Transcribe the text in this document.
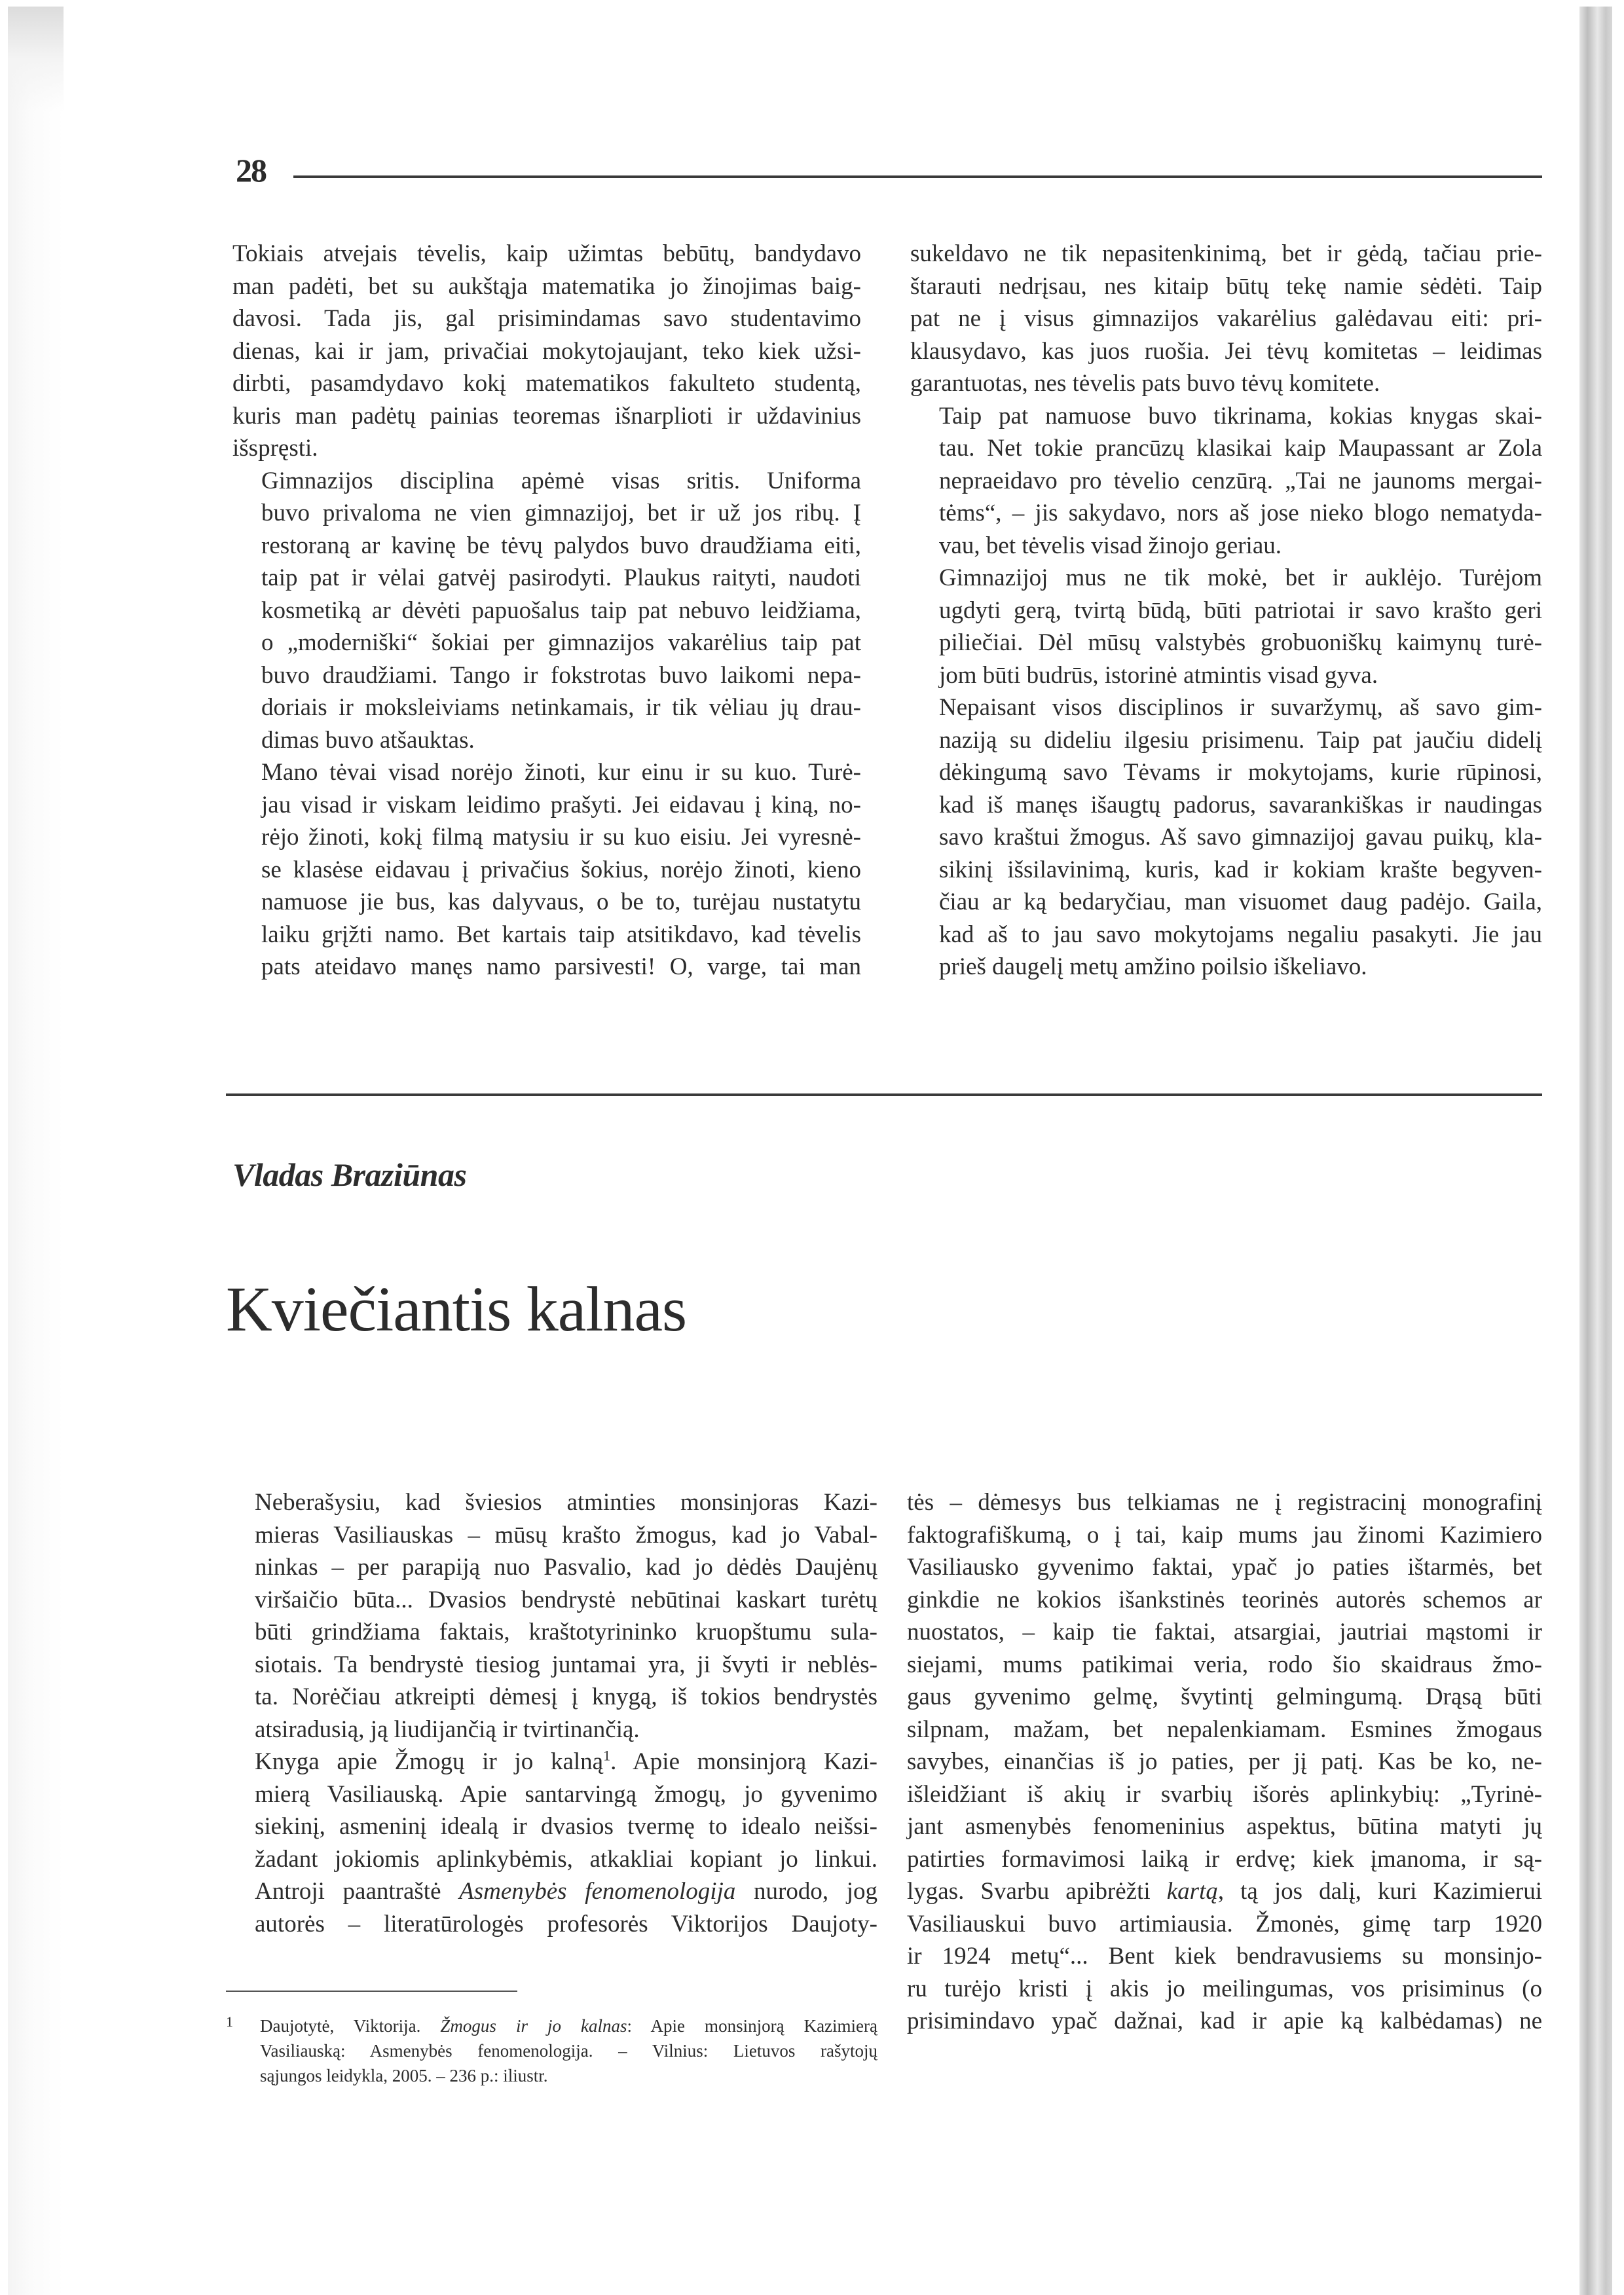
28

Tokiais atvejais tėvelis, kaip užimtas bebūtų, bandydavo
man padėti, bet su aukštąja matematika jo žinojimas baig-
davosi. Tada jis, gal prisimindamas savo studentavimo
dienas, kai ir jam, privačiai mokytojaujant, teko kiek užsi-
dirbti, pasamdydavo kokį matematikos fakulteto studentą,
kuris man padėtų painias teoremas išnarplioti ir uždavinius
išspręsti.

Gimnazijos disciplina apėmė visas sritis. Uniforma
buvo privaloma ne vien gimnazijoj, bet ir už jos ribų. Į
restoraną ar kavinę be tėvų palydos buvo draudžiama eiti,
taip pat ir vėlai gatvėj pasirodyti. Plaukus raityti, naudoti
kosmetiką ar dėvėti papuošalus taip pat nebuvo leidžiama,
o „moderniški“ šokiai per gimnazijos vakarėlius taip pat
buvo draudžiami. Tango ir fokstrotas buvo laikomi nepa-
doriais ir moksleiviams netinkamais, ir tik vėliau jų drau-
dimas buvo atšauktas.

Mano tėvai visad norėjo žinoti, kur einu ir su kuo. Turė-
jau visad ir viskam leidimo prašyti. Jei eidavau į kiną, no-
rėjo žinoti, kokį filmą matysiu ir su kuo eisiu. Jei vyresnė-
se klasėse eidavau į privačius šokius, norėjo žinoti, kieno
namuose jie bus, kas dalyvaus, o be to, turėjau nustatytu
laiku grįžti namo. Bet kartais taip atsitikdavo, kad tėvelis
pats ateidavo manęs namo parsivesti! O, varge, tai man

sukeldavo ne tik nepasitenkinimą, bet ir gėdą, tačiau prie-
štarauti nedrįsau, nes kitaip būtų tekę namie sėdėti. Taip
pat ne į visus gimnazijos vakarėlius galėdavau eiti: pri-
klausydavo, kas juos ruošia. Jei tėvų komitetas – leidimas
garantuotas, nes tėvelis pats buvo tėvų komitete.

Taip pat namuose buvo tikrinama, kokias knygas skai-
tau. Net tokie prancūzų klasikai kaip Maupassant ar Zola
nepraeidavo pro tėvelio cenzūrą. „Tai ne jaunoms mergai-
tėms“, – jis sakydavo, nors aš jose nieko blogo nematyda-
vau, bet tėvelis visad žinojo geriau.

Gimnazijoj mus ne tik mokė, bet ir auklėjo. Turėjom
ugdyti gerą, tvirtą būdą, būti patriotai ir savo krašto geri
piliečiai. Dėl mūsų valstybės grobuoniškų kaimynų turė-
jom būti budrūs, istorinė atmintis visad gyva.

Nepaisant visos disciplinos ir suvaržymų, aš savo gim-
naziją su dideliu ilgesiu prisimenu. Taip pat jaučiu didelį
dėkingumą savo Tėvams ir mokytojams, kurie rūpinosi,
kad iš manęs išaugtų padorus, savarankiškas ir naudingas
savo kraštui žmogus. Aš savo gimnazijoj gavau puikų, kla-
sikinį išsilavinimą, kuris, kad ir kokiam krašte begyven-
čiau ar ką bedaryčiau, man visuomet daug padėjo. Gaila,
kad aš to jau savo mokytojams negaliu pasakyti. Jie jau
prieš daugelį metų amžino poilsio iškeliavo.

Vladas Braziūnas
Kviečiantis kalnas

Neberašysiu, kad šviesios atminties monsinjoras Kazi-
mieras Vasiliauskas – mūsų krašto žmogus, kad jo Vabal-
ninkas – per parapiją nuo Pasvalio, kad jo dėdės Daujėnų
viršaičio būta... Dvasios bendrystė nebūtinai kaskart turėtų
būti grindžiama faktais, kraštotyrininko kruopštumu sula-
siotais. Ta bendrystė tiesiog juntamai yra, ji švyti ir neblės-
ta. Norėčiau atkreipti dėmesį į knygą, iš tokios bendrystės
atsiradusią, ją liudijančią ir tvirtinančią.

Knyga apie Žmogų ir jo kalną$^1$. Apie monsinjorą Kazi-
mierą Vasiliauską. Apie santarvingą žmogų, jo gyvenimo
siekinį, asmeninį idealą ir dvasios tvermę to idealo neišsi-
žadant jokiomis aplinkybėmis, atkakliai kopiant jo linkui.
Antroji paantraštė Asmenybės fenomenologija nurodo, jog
autorės – literatūrologės profesorės Viktorijos Daujoty-

tės – dėmesys bus telkiamas ne į registracinį monografinį
faktografiškumą, o į tai, kaip mums jau žinomi Kazimiero
Vasiliausko gyvenimo faktai, ypač jo paties ištarmės, bet
ginkdie ne kokios išankstinės teorinės autorės schemos ar
nuostatos, – kaip tie faktai, atsargiai, jautriai mąstomi ir
siejami, mums patikimai veria, rodo šio skaidraus žmo-
gaus gyvenimo gelmę, švytintį gelmingumą. Drąsą būti
silpnam, mažam, bet nepalenkiamam. Esmines žmogaus
savybes, einančias iš jo paties, per jį patį. Kas be ko, ne-
išleidžiant iš akių ir svarbių išorės aplinkybių: „Tyrinė-
jant asmenybės fenomeninius aspektus, būtina matyti jų
patirties formavimosi laiką ir erdvę; kiek įmanoma, ir są-
lygas. Svarbu apibrėžti kartą, tą jos dalį, kuri Kazimierui
Vasiliauskui buvo artimiausia. Žmonės, gimę tarp 1920
ir 1924 metų“... Bent kiek bendravusiems su monsinjo-
ru turėjo kristi į akis jo meilingumas, vos prisiminus (o
prisimindavo ypač dažnai, kad ir apie ką kalbėdamas) ne

1 Daujotytė, Viktorija. Žmogus ir jo kalnas: Apie monsinjorą Kazimierą
Vasiliauską: Asmenybės fenomenologija. – Vilnius: Lietuvos rašytojų
sąjungos leidykla, 2005. – 236 p.: iliustr.
